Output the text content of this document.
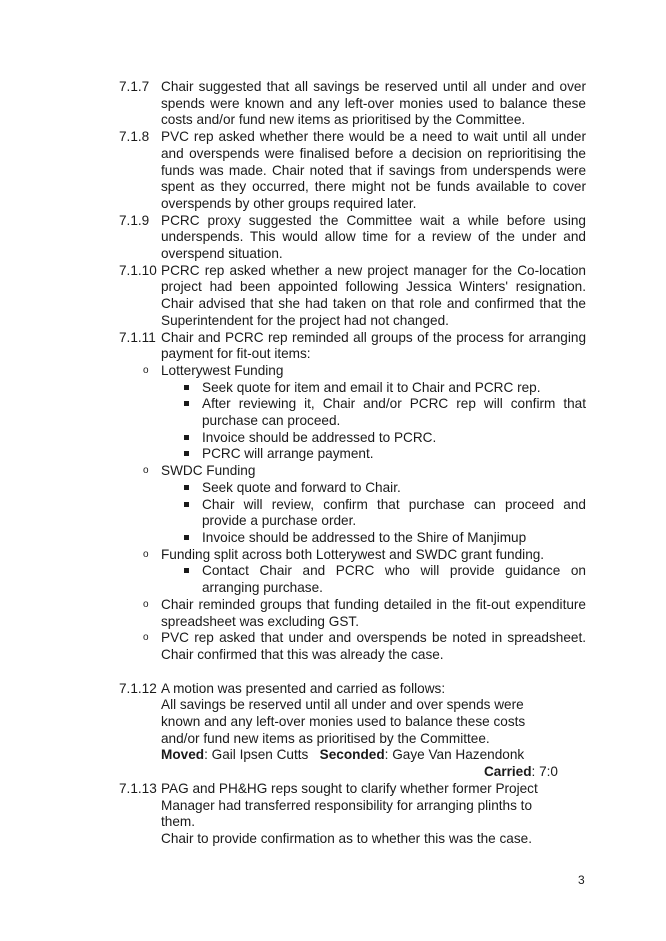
7.1.7 Chair suggested that all savings be reserved until all under and over spends were known and any left-over monies used to balance these costs and/or fund new items as prioritised by the Committee.
7.1.8 PVC rep asked whether there would be a need to wait until all under and overspends were finalised before a decision on reprioritising the funds was made. Chair noted that if savings from underspends were spent as they occurred, there might not be funds available to cover overspends by other groups required later.
7.1.9 PCRC proxy suggested the Committee wait a while before using underspends. This would allow time for a review of the under and overspend situation.
7.1.10 PCRC rep asked whether a new project manager for the Co-location project had been appointed following Jessica Winters' resignation. Chair advised that she had taken on that role and confirmed that the Superintendent for the project had not changed.
7.1.11 Chair and PCRC rep reminded all groups of the process for arranging payment for fit-out items:
o Lotterywest Funding
Seek quote for item and email it to Chair and PCRC rep.
After reviewing it, Chair and/or PCRC rep will confirm that purchase can proceed.
Invoice should be addressed to PCRC.
PCRC will arrange payment.
o SWDC Funding
Seek quote and forward to Chair.
Chair will review, confirm that purchase can proceed and provide a purchase order.
Invoice should be addressed to the Shire of Manjimup
o Funding split across both Lotterywest and SWDC grant funding.
Contact Chair and PCRC who will provide guidance on arranging purchase.
o Chair reminded groups that funding detailed in the fit-out expenditure spreadsheet was excluding GST.
o PVC rep asked that under and overspends be noted in spreadsheet. Chair confirmed that this was already the case.
7.1.12 A motion was presented and carried as follows:
All savings be reserved until all under and over spends were known and any left-over monies used to balance these costs and/or fund new items as prioritised by the Committee.
Moved: Gail Ipsen Cutts Seconded: Gaye Van Hazendonk
Carried: 7:0
7.1.13 PAG and PH&HG reps sought to clarify whether former Project Manager had transferred responsibility for arranging plinths to them.
Chair to provide confirmation as to whether this was the case.
3
